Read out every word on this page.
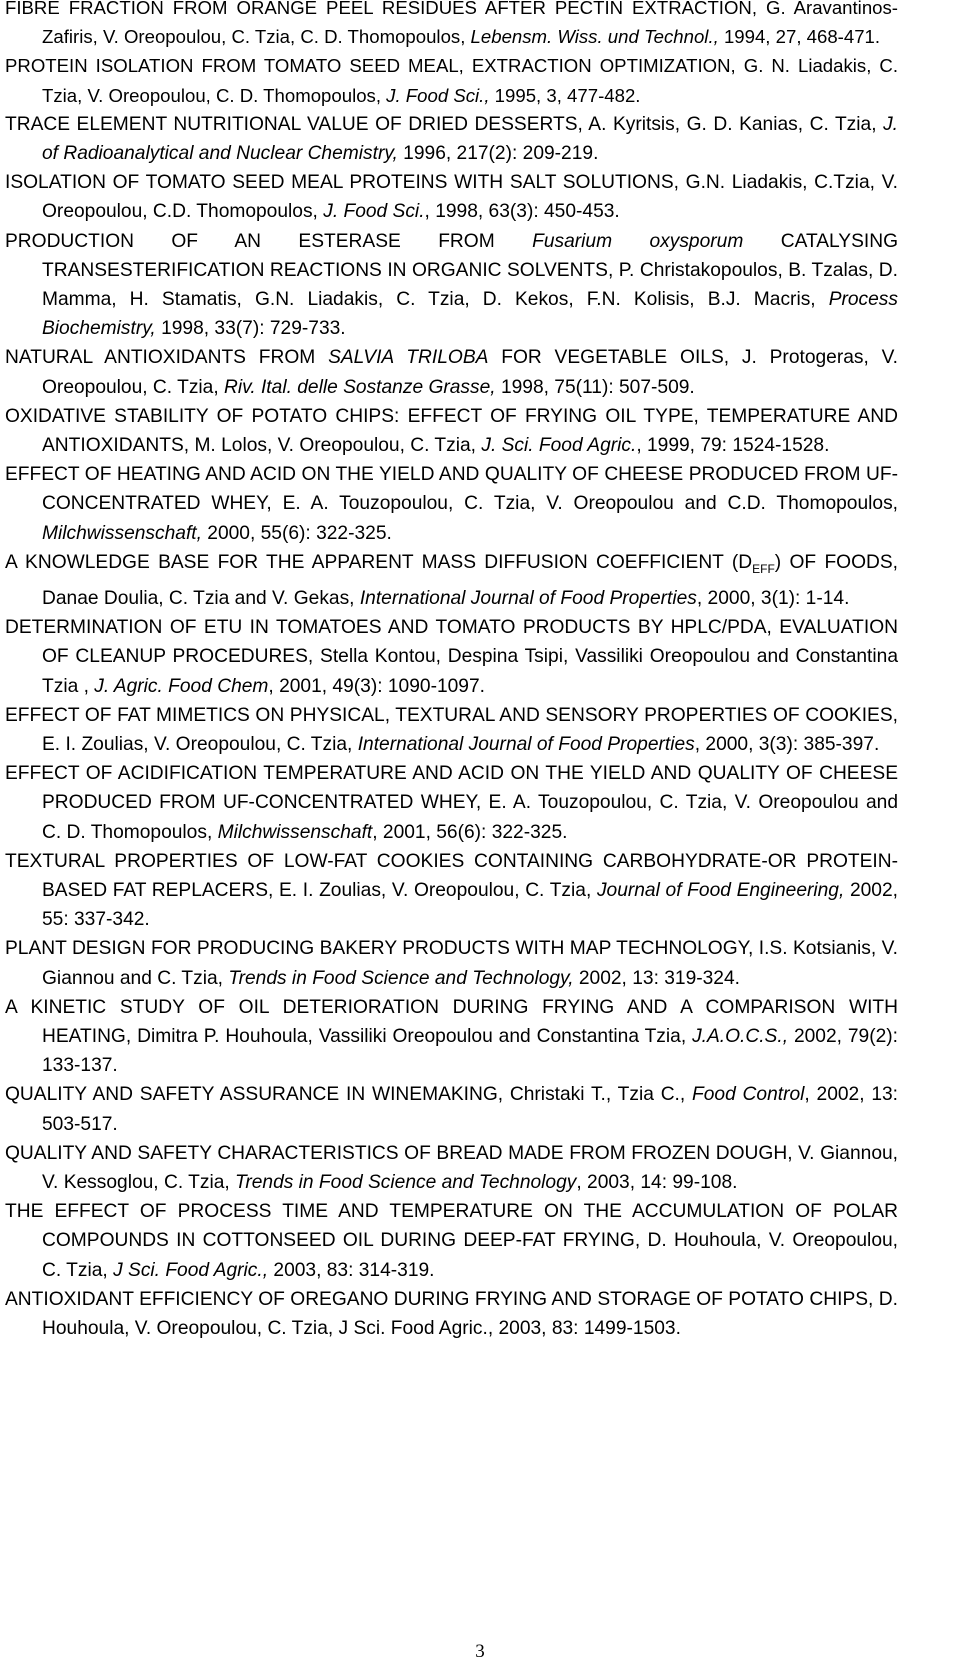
FIBRE FRACTION FROM ORANGE PEEL RESIDUES AFTER PECTIN EXTRACTION, G. Aravantinos-Zafiris, V. Oreopoulou, C. Tzia, C. D. Thomopoulos, Lebensm. Wiss. und Technol., 1994, 27, 468-471.

PROTEIN ISOLATION FROM TOMATO SEED MEAL, EXTRACTION OPTIMIZATION, G. N. Liadakis, C. Tzia, V. Oreopoulou, C. D. Thomopoulos, J. Food Sci., 1995, 3, 477-482.

TRACE ELEMENT NUTRITIONAL VALUE OF DRIED DESSERTS, A. Kyritsis, G. D. Kanias, C. Tzia, J. of Radioanalytical and Nuclear Chemistry, 1996, 217(2): 209-219.

ISOLATION OF TOMATO SEED MEAL PROTEINS WITH SALT SOLUTIONS, G.N. Liadakis, C.Tzia, V. Oreopoulou, C.D. Thomopoulos, J. Food Sci., 1998, 63(3): 450-453.

PRODUCTION OF AN ESTERASE FROM Fusarium oxysporum CATALYSING TRANSESTERIFICATION REACTIONS IN ORGANIC SOLVENTS, P. Christakopoulos, B. Tzalas, D. Mamma, H. Stamatis, G.N. Liadakis, C. Tzia, D. Kekos, F.N. Kolisis, B.J. Macris, Process Biochemistry, 1998, 33(7): 729-733.

NATURAL ANTIOXIDANTS FROM SALVIA TRILOBA FOR VEGETABLE OILS, J. Protogeras, V. Oreopoulou, C. Tzia, Riv. Ital. delle Sostanze Grasse, 1998, 75(11): 507-509.

OXIDATIVE STABILITY OF POTATO CHIPS: EFFECT OF FRYING OIL TYPE, TEMPERATURE AND ANTIOXIDANTS, M. Lolos, V. Oreopoulou, C. Tzia, J. Sci. Food Agric., 1999, 79: 1524-1528.

EFFECT OF HEATING AND ACID ON THE YIELD AND QUALITY OF CHEESE PRODUCED FROM UF-CONCENTRATED WHEY, E. A. Touzopoulou, C. Tzia, V. Oreopoulou and C.D. Thomopoulos, Milchwissenschaft, 2000, 55(6): 322-325.

A KNOWLEDGE BASE FOR THE APPARENT MASS DIFFUSION COEFFICIENT $(D_{EFF})$ OF FOODS, Danae Doulia, C. Tzia and V. Gekas, International Journal of Food Properties, 2000, 3(1): 1-14.

DETERMINATION OF ETU IN TOMATOES AND TOMATO PRODUCTS BY HPLC/PDA, EVALUATION OF CLEANUP PROCEDURES, Stella Kontou, Despina Tsipi, Vassiliki Oreopoulou and Constantina Tzia , J. Agric. Food Chem, 2001, 49(3): 1090-1097.

EFFECT OF FAT MIMETICS ON PHYSICAL, TEXTURAL AND SENSORY PROPERTIES OF COOKIES, E. I. Zoulias, V. Oreopoulou, C. Tzia, International Journal of Food Properties, 2000, 3(3): 385-397.

EFFECT OF ACIDIFICATION TEMPERATURE AND ACID ON THE YIELD AND QUALITY OF CHEESE PRODUCED FROM UF-CONCENTRATED WHEY, E. A. Touzopoulou, C. Tzia, V. Oreopoulou and C. D. Thomopoulos, Milchwissenschaft, 2001, 56(6): 322-325.

TEXTURAL PROPERTIES OF LOW-FAT COOKIES CONTAINING CARBOHYDRATE-OR PROTEIN-BASED FAT REPLACERS, E. I. Zoulias, V. Oreopoulou, C. Tzia, Journal of Food Engineering, 2002, 55: 337-342.

PLANT DESIGN FOR PRODUCING BAKERY PRODUCTS WITH MAP TECHNOLOGY, I.S. Kotsianis, V. Giannou and C. Tzia, Trends in Food Science and Technology, 2002, 13: 319-324.

A KINETIC STUDY OF OIL DETERIORATION DURING FRYING AND A COMPARISON WITH HEATING, Dimitra P. Houhoula, Vassiliki Oreopoulou and Constantina Tzia, J.A.O.C.S., 2002, 79(2): 133-137.

QUALITY AND SAFETY ASSURANCE IN WINEMAKING, Christaki T., Tzia C., Food Control, 2002, 13: 503-517.

QUALITY AND SAFETY CHARACTERISTICS OF BREAD MADE FROM FROZEN DOUGH, V. Giannou, V. Kessoglou, C. Tzia, Trends in Food Science and Technology, 2003, 14: 99-108.

THE EFFECT OF PROCESS TIME AND TEMPERATURE ON THE ACCUMULATION OF POLAR COMPOUNDS IN COTTONSEED OIL DURING DEEP-FAT FRYING, D. Houhoula, V. Oreopoulou, C. Tzia, J Sci. Food Agric., 2003, 83: 314-319.

ANTIOXIDANT EFFICIENCY OF OREGANO DURING FRYING AND STORAGE OF POTATO CHIPS, D. Houhoula, V. Oreopoulou, C. Tzia, J Sci. Food Agric., 2003, 83: 1499-1503.

3
